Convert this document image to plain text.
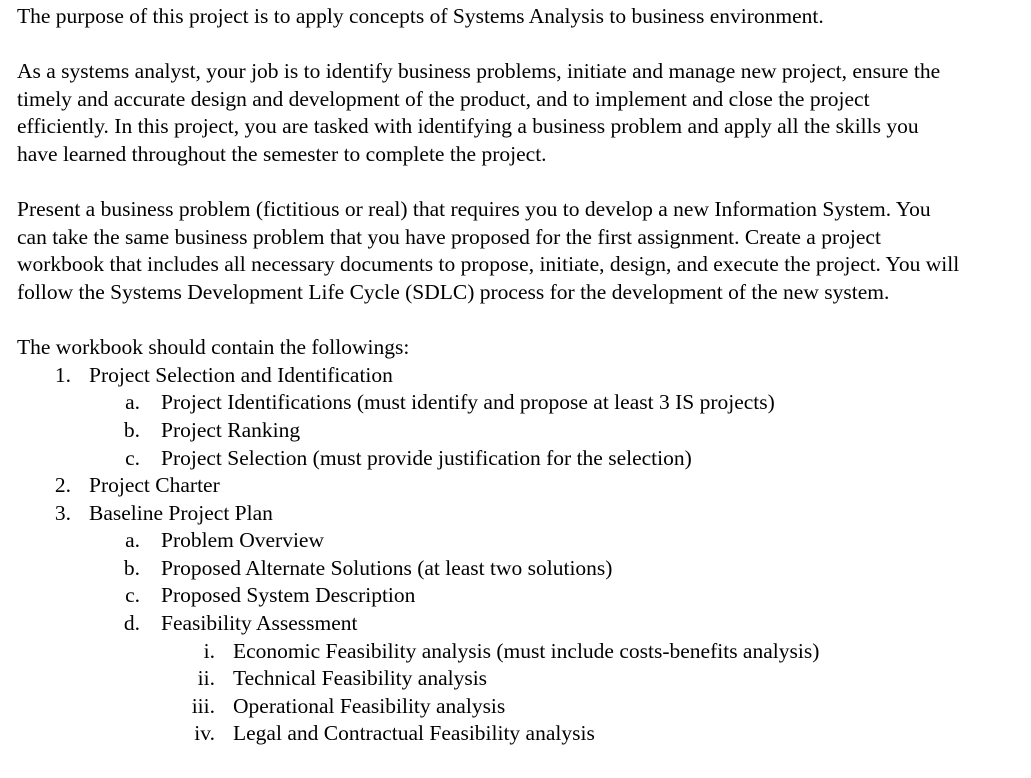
The purpose of this project is to apply concepts of Systems Analysis to business environment.

As a systems analyst, your job is to identify business problems, initiate and manage new project, ensure the timely and accurate design and development of the product, and to implement and close the project efficiently. In this project, you are tasked with identifying a business problem and apply all the skills you have learned throughout the semester to complete the project.

Present a business problem (fictitious or real) that requires you to develop a new Information System. You can take the same business problem that you have proposed for the first assignment. Create a project workbook that includes all necessary documents to propose, initiate, design, and execute the project. You will follow the Systems Development Life Cycle (SDLC) process for the development of the new system.

The workbook should contain the followings:

1. Project Selection and Identification
a. Project Identifications (must identify and propose at least 3 IS projects)
b. Project Ranking
c. Project Selection (must provide justification for the selection)
2. Project Charter
3. Baseline Project Plan
a. Problem Overview
b. Proposed Alternate Solutions (at least two solutions)
c. Proposed System Description
d. Feasibility Assessment
i. Economic Feasibility analysis (must include costs-benefits analysis)
ii. Technical Feasibility analysis
iii. Operational Feasibility analysis
iv. Legal and Contractual Feasibility analysis
